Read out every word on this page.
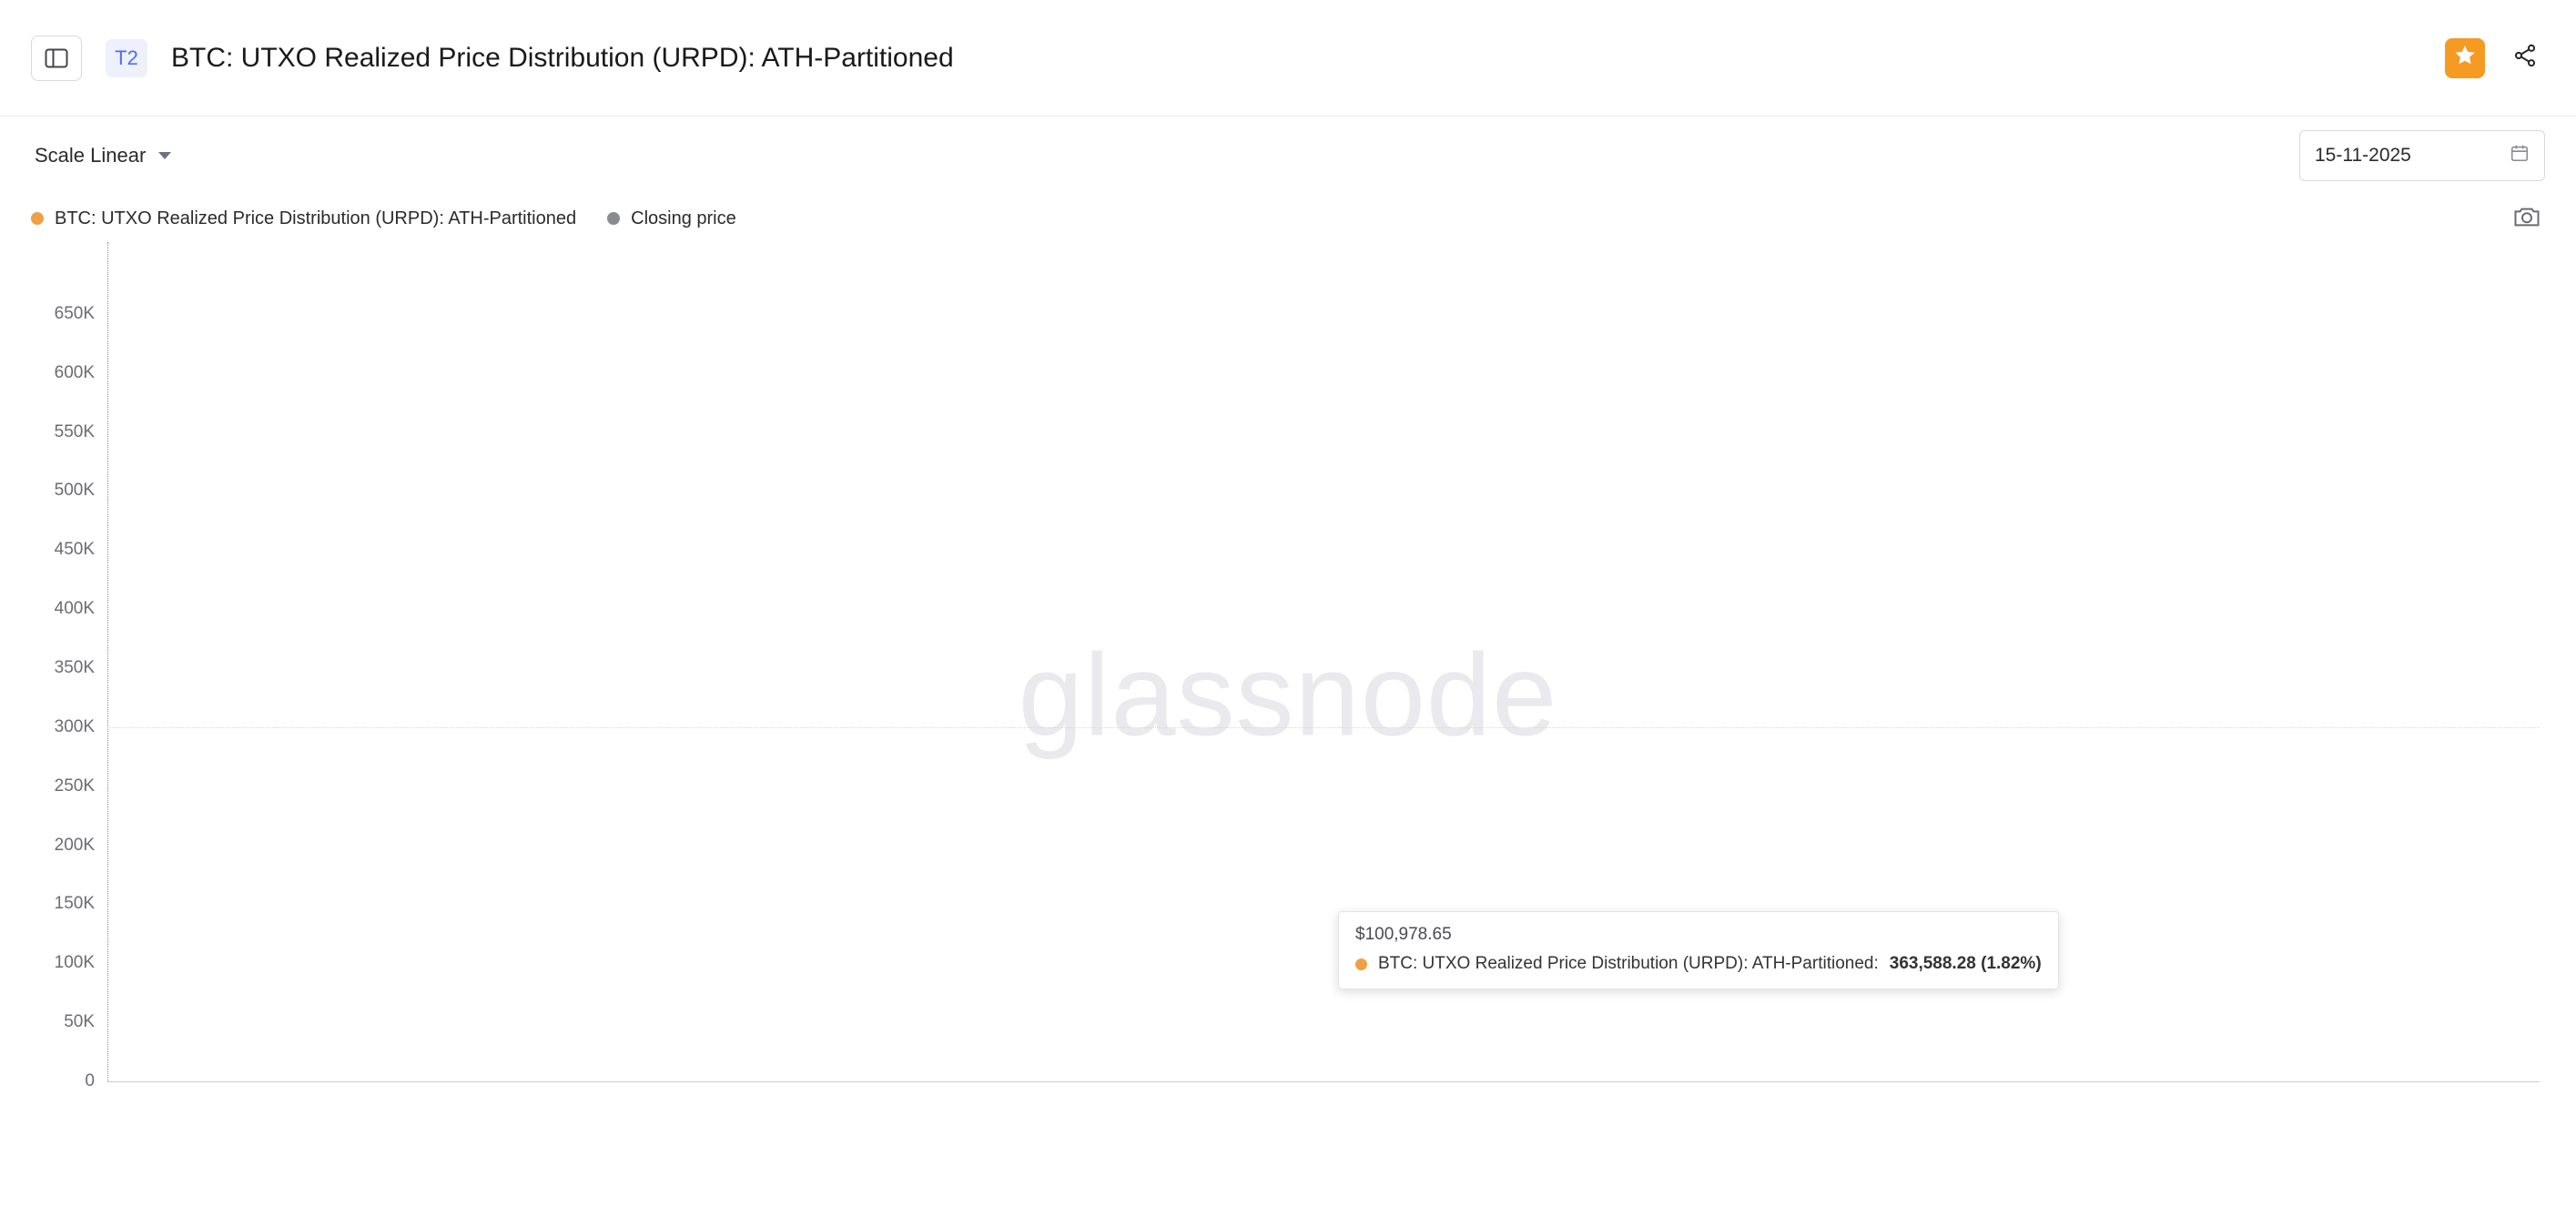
T2	BTC: UTXO Realized Price Distribution (URPD): ATH-Partitioned
Scale Linear	15-11-2025
BTC: UTXO Realized Price Distribution (URPD): ATH-Partitioned	Closing price
glassnode
0
50K
100K
150K
200K
250K
300K
350K
400K
450K
500K
550K
600K
650K
$100,978.65
BTC: UTXO Realized Price Distribution (URPD): ATH-Partitioned: 363,588.28 (1.82%)
